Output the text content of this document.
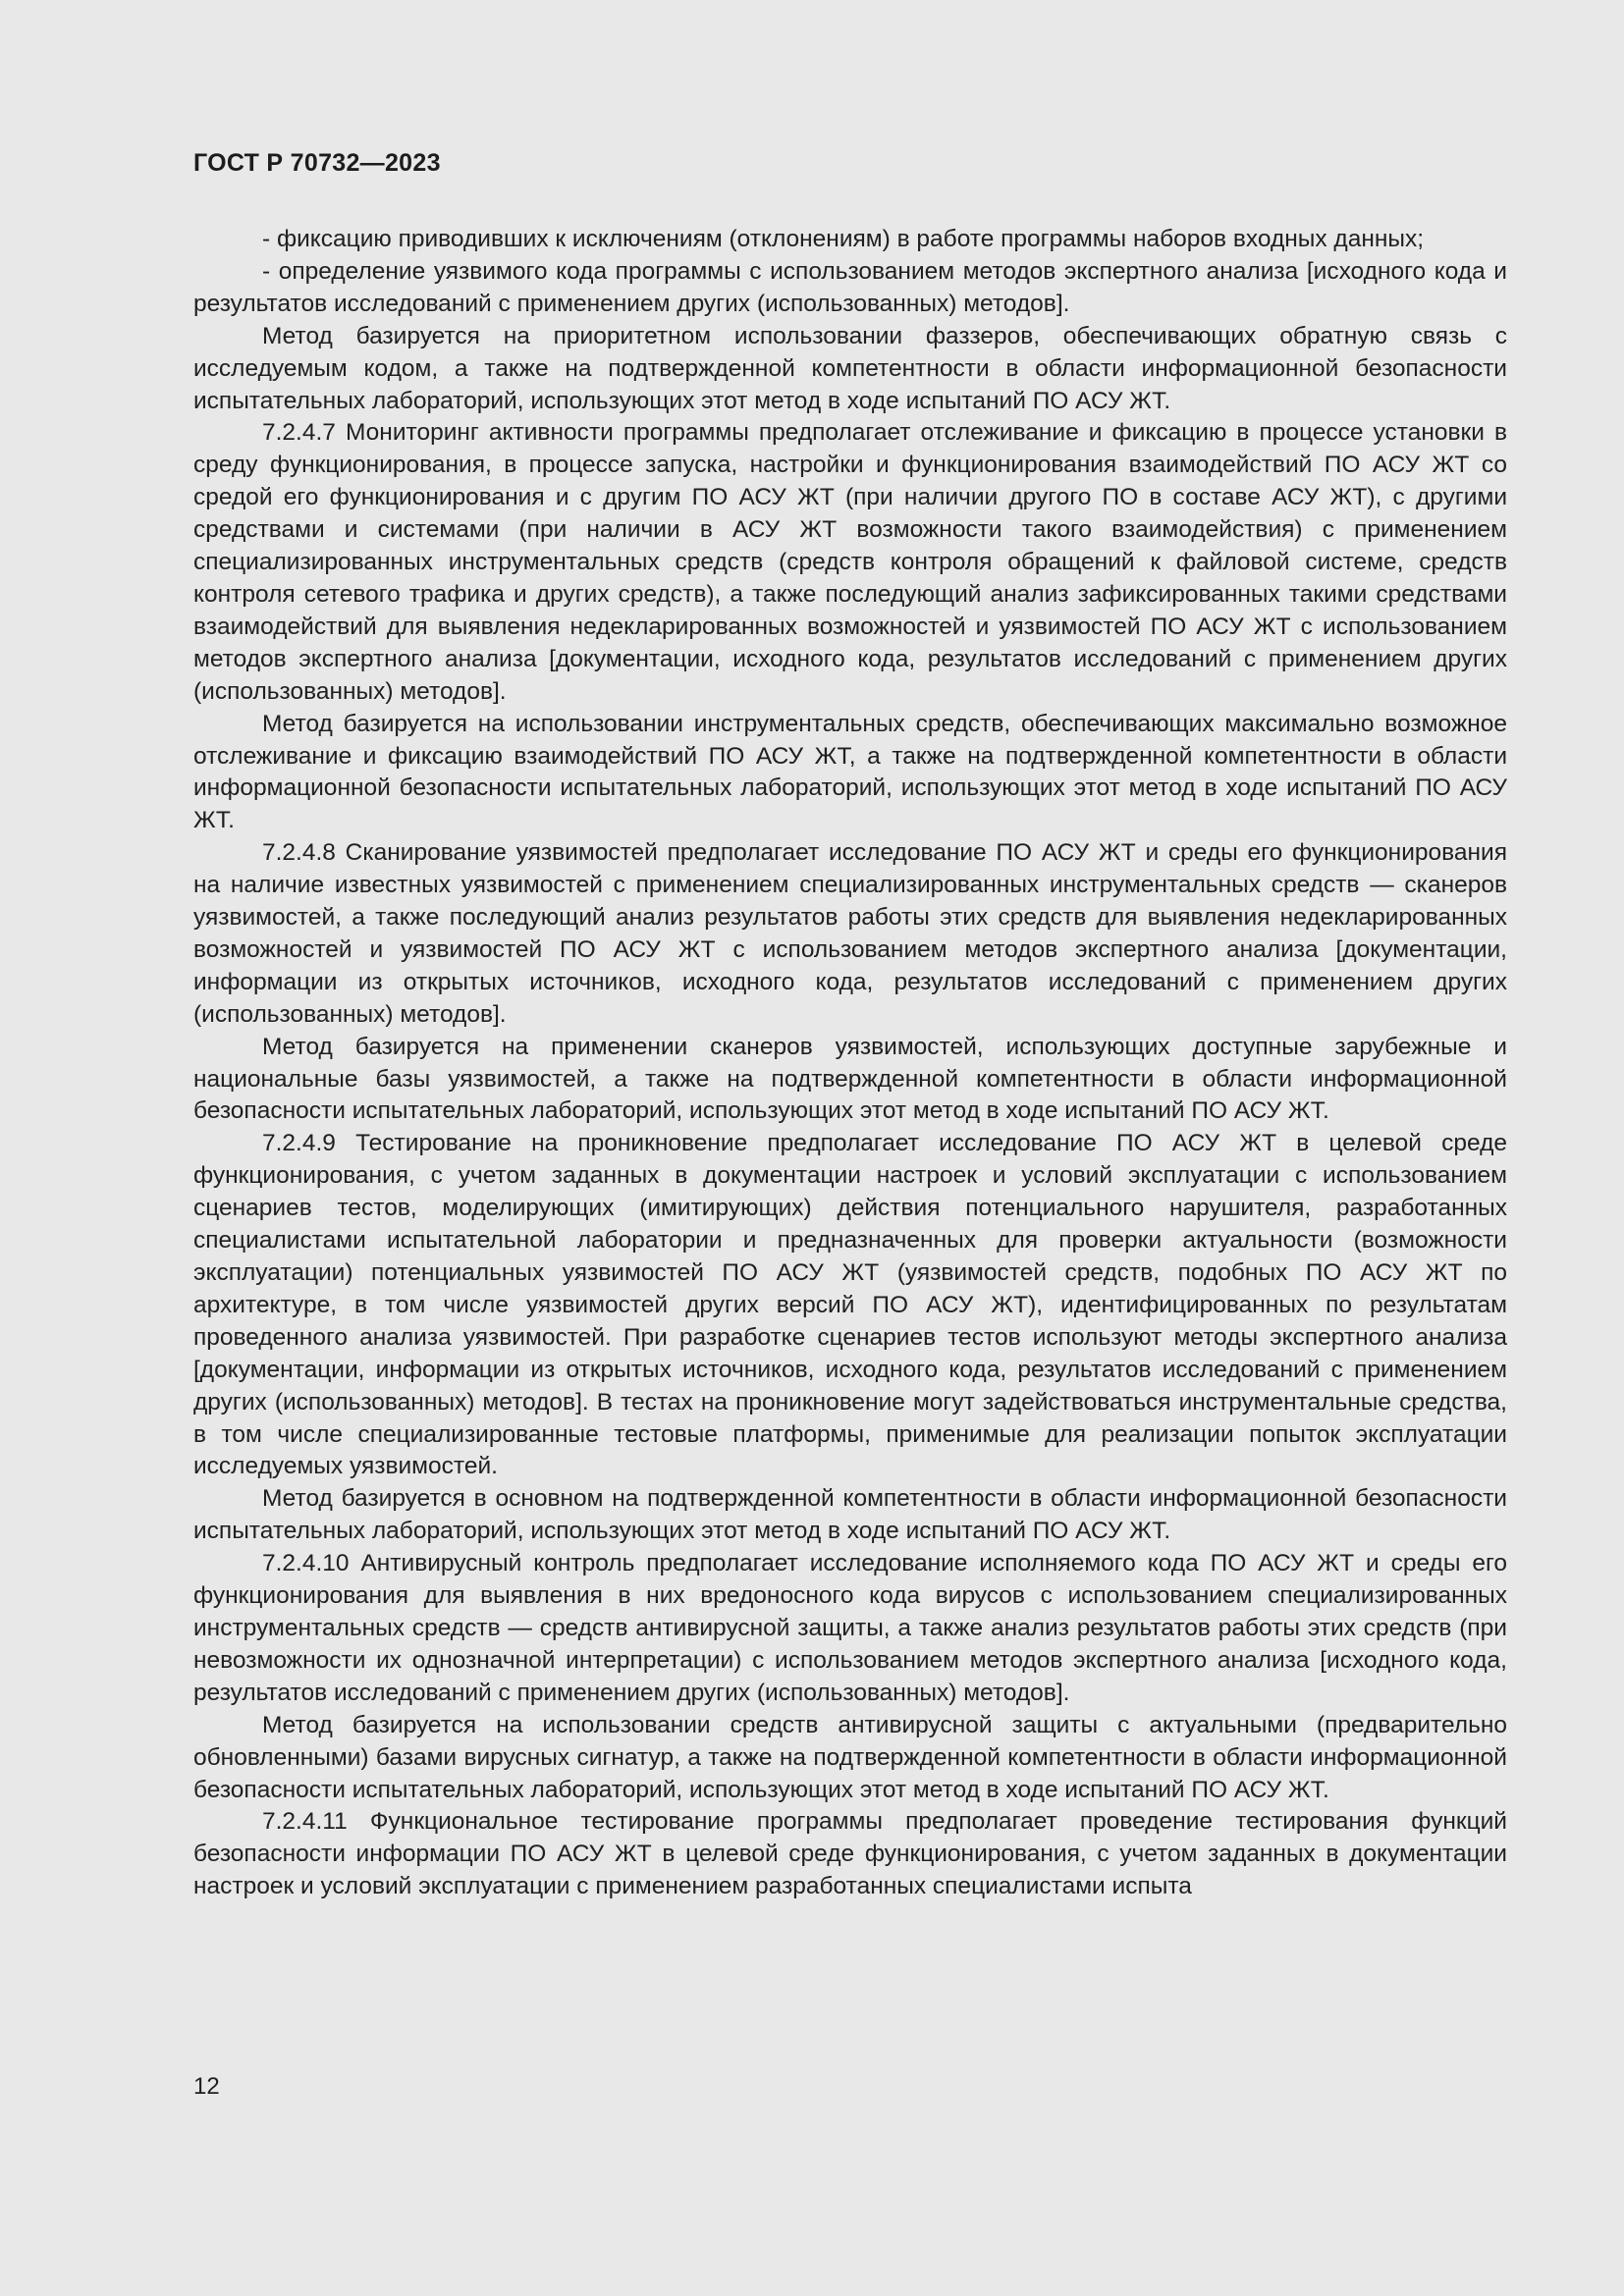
ГОСТ Р 70732—2023

- фиксацию приводивших к исключениям (отклонениям) в работе программы наборов входных данных;

- определение уязвимого кода программы с использованием методов экспертного анализа [исходного кода и результатов исследований с применением других (использованных) методов].

Метод базируется на приоритетном использовании фаззеров, обеспечивающих обратную связь с исследуемым кодом, а также на подтвержденной компетентности в области информационной безопасности испытательных лабораторий, использующих этот метод в ходе испытаний ПО АСУ ЖТ.

7.2.4.7 Мониторинг активности программы предполагает отслеживание и фиксацию в процессе установки в среду функционирования, в процессе запуска, настройки и функционирования взаимодействий ПО АСУ ЖТ со средой его функционирования и с другим ПО АСУ ЖТ (при наличии другого ПО в составе АСУ ЖТ), с другими средствами и системами (при наличии в АСУ ЖТ возможности такого взаимодействия) с применением специализированных инструментальных средств (средств контроля обращений к файловой системе, средств контроля сетевого трафика и других средств), а также последующий анализ зафиксированных такими средствами взаимодействий для выявления недекларированных возможностей и уязвимостей ПО АСУ ЖТ с использованием методов экспертного анализа [документации, исходного кода, результатов исследований с применением других (использованных) методов].

Метод базируется на использовании инструментальных средств, обеспечивающих максимально возможное отслеживание и фиксацию взаимодействий ПО АСУ ЖТ, а также на подтвержденной компетентности в области информационной безопасности испытательных лабораторий, использующих этот метод в ходе испытаний ПО АСУ ЖТ.

7.2.4.8 Сканирование уязвимостей предполагает исследование ПО АСУ ЖТ и среды его функционирования на наличие известных уязвимостей с применением специализированных инструментальных средств — сканеров уязвимостей, а также последующий анализ результатов работы этих средств для выявления недекларированных возможностей и уязвимостей ПО АСУ ЖТ с использованием методов экспертного анализа [документации, информации из открытых источников, исходного кода, результатов исследований с применением других (использованных) методов].

Метод базируется на применении сканеров уязвимостей, использующих доступные зарубежные и национальные базы уязвимостей, а также на подтвержденной компетентности в области информационной безопасности испытательных лабораторий, использующих этот метод в ходе испытаний ПО АСУ ЖТ.

7.2.4.9 Тестирование на проникновение предполагает исследование ПО АСУ ЖТ в целевой среде функционирования, с учетом заданных в документации настроек и условий эксплуатации с использованием сценариев тестов, моделирующих (имитирующих) действия потенциального нарушителя, разработанных специалистами испытательной лаборатории и предназначенных для проверки актуальности (возможности эксплуатации) потенциальных уязвимостей ПО АСУ ЖТ (уязвимостей средств, подобных ПО АСУ ЖТ по архитектуре, в том числе уязвимостей других версий ПО АСУ ЖТ), идентифицированных по результатам проведенного анализа уязвимостей. При разработке сценариев тестов используют методы экспертного анализа [документации, информации из открытых источников, исходного кода, результатов исследований с применением других (использованных) методов]. В тестах на проникновение могут задействоваться инструментальные средства, в том числе специализированные тестовые платформы, применимые для реализации попыток эксплуатации исследуемых уязвимостей.

Метод базируется в основном на подтвержденной компетентности в области информационной безопасности испытательных лабораторий, использующих этот метод в ходе испытаний ПО АСУ ЖТ.

7.2.4.10 Антивирусный контроль предполагает исследование исполняемого кода ПО АСУ ЖТ и среды его функционирования для выявления в них вредоносного кода вирусов с использованием специализированных инструментальных средств — средств антивирусной защиты, а также анализ результатов работы этих средств (при невозможности их однозначной интерпретации) с использованием методов экспертного анализа [исходного кода, результатов исследований с применением других (использованных) методов].

Метод базируется на использовании средств антивирусной защиты с актуальными (предварительно обновленными) базами вирусных сигнатур, а также на подтвержденной компетентности в области информационной безопасности испытательных лабораторий, использующих этот метод в ходе испытаний ПО АСУ ЖТ.

7.2.4.11 Функциональное тестирование программы предполагает проведение тестирования функций безопасности информации ПО АСУ ЖТ в целевой среде функционирования, с учетом заданных в документации настроек и условий эксплуатации с применением разработанных специалистами испыта

12
